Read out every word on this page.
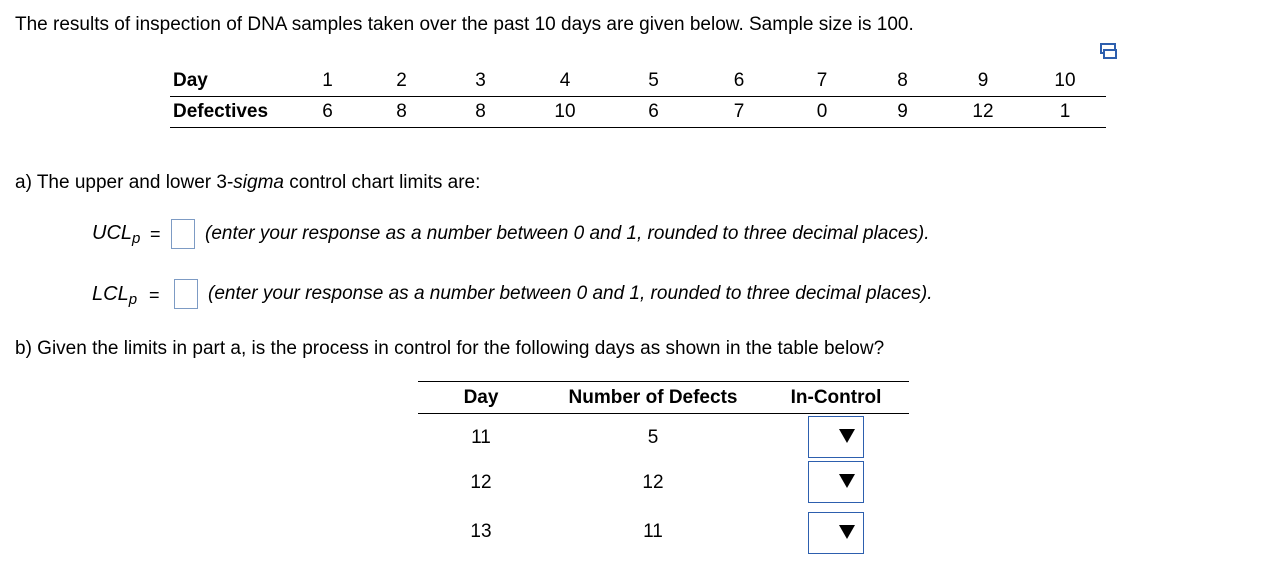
The results of inspection of DNA samples taken over the past 10 days are given below. Sample size is 100.
Day	1	2	3	4	5	6	7	8	9	10
Defectives	6	8	8	10	6	7	0	9	12	1
a) The upper and lower 3-sigma control chart limits are:
$UCL_p$ = (enter your response as a number between 0 and 1, rounded to three decimal places).
$LCL_p$ =	(enter your response as a number between 0 and 1, rounded to three decimal places).
b) Given the limits in part a, is the process in control for the following days as shown in the table below?
Day	Number of Defects	In-Control
11	5
12	12
13	11
